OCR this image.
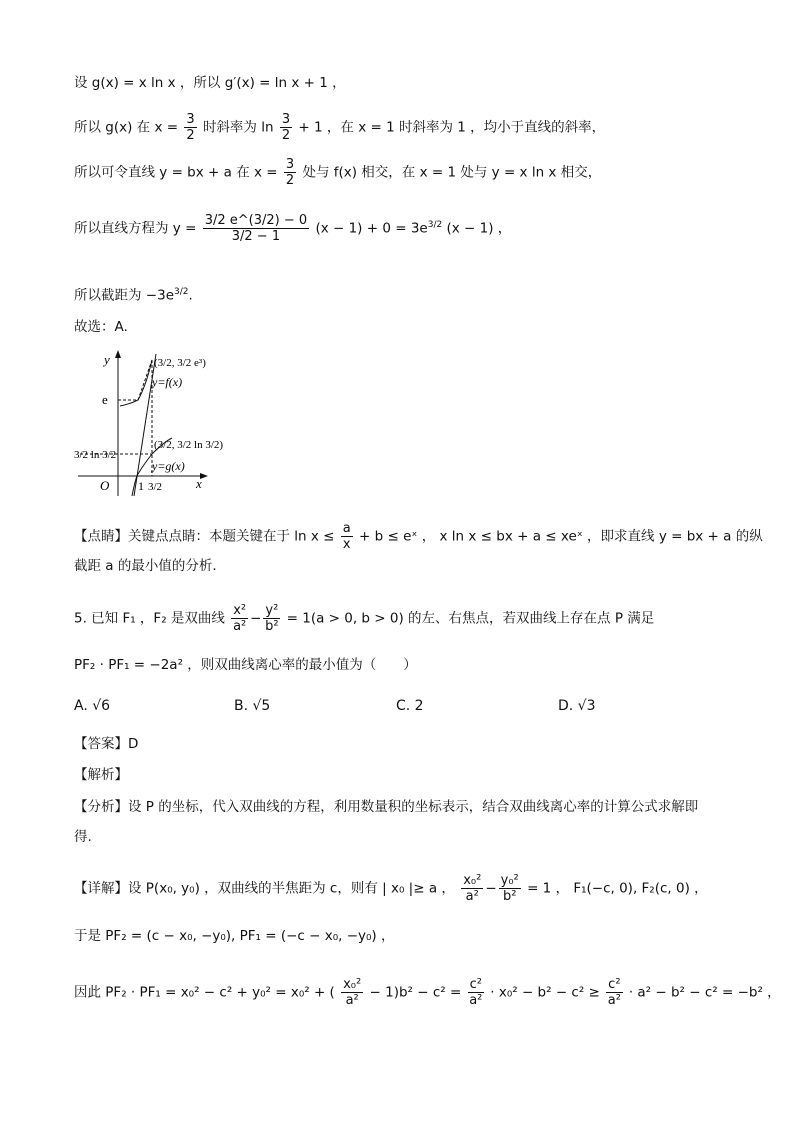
设 g(x) = x ln x ，所以 g′(x) = ln x + 1 ，
所以 g(x) 在 $x = \frac{3}{2}$ 时斜率为 $\ln \frac{3}{2} + 1$ ，在 x = 1 时斜率为 1 ，均小于直线的斜率，
所以可令直线 y = bx + a 在 $x = \frac{3}{2}$ 处与 f(x) 相交，在 x = 1 处与 y = x ln x 相交，
所以直线方程为 $y = \frac{3/2 e\^{}(3/2) - 0}{3/2 - 1} (x - 1) + 0 = 3e^{3/2}$ (x − 1) ，
所以截距为 $-3e^{3/2}$.
故选：A.
y
x
O
e
3/2 ln 3/2
(3/2, 3/2 e³)
y=f(x)
(3/2, 3/2 ln 3/2)
y=g(x)
1 3/2
【点睛】关键点点睛：本题关键在于 $\ln x \le \frac{a}{x} + b$ ≤ eˣ ， x ln x ≤ bx + a ≤ xeˣ ，即求直线 y = bx + a 的纵
截距 a 的最小值的分析.
5. 已知 F₁ ，F₂ 是双曲线 $\frac{\text{x²}}{\text{a²}} - \frac{\text{y²}}{\text{b²}} = 1(a > 0$, b > 0) 的左、右焦点，若双曲线上存在点 P 满足
PF₂ · PF₁ = −2a² ，则双曲线离心率的最小值为（　　）
A. √6	B. √5	C. 2	D. √3
【答案】D
【解析】
【分析】设 P 的坐标，代入双曲线的方程，利用数量积的坐标表示，结合双曲线离心率的计算公式求解即
得.
【详解】设 P(x₀, y₀) ，双曲线的半焦距为 c，则有 | x₀ |≥ a ， $\frac{\text{x₀²}}{\text{a²}} - \frac{\text{y₀²}}{\text{b²}} = 1$ ， F₁(−c, 0), F₂(c, 0) ，
于是 PF₂ = (c − x₀, −y₀), PF₁ = (−c − x₀, −y₀) ，
因此 PF₂ · PF₁ = x₀² − c² + y₀² = x₀² + ( $\frac{\text{x₀²}}{\text{a²}} - 1)b^2 - c^2 = \frac{\text{c²}}{\text{a²}} \cdot x_0^2 - b^2 - c^2 \ge \frac{\text{c²}}{\text{a²}} \cdot a^2 - b^2 - c^2 = -b^2$ ，
